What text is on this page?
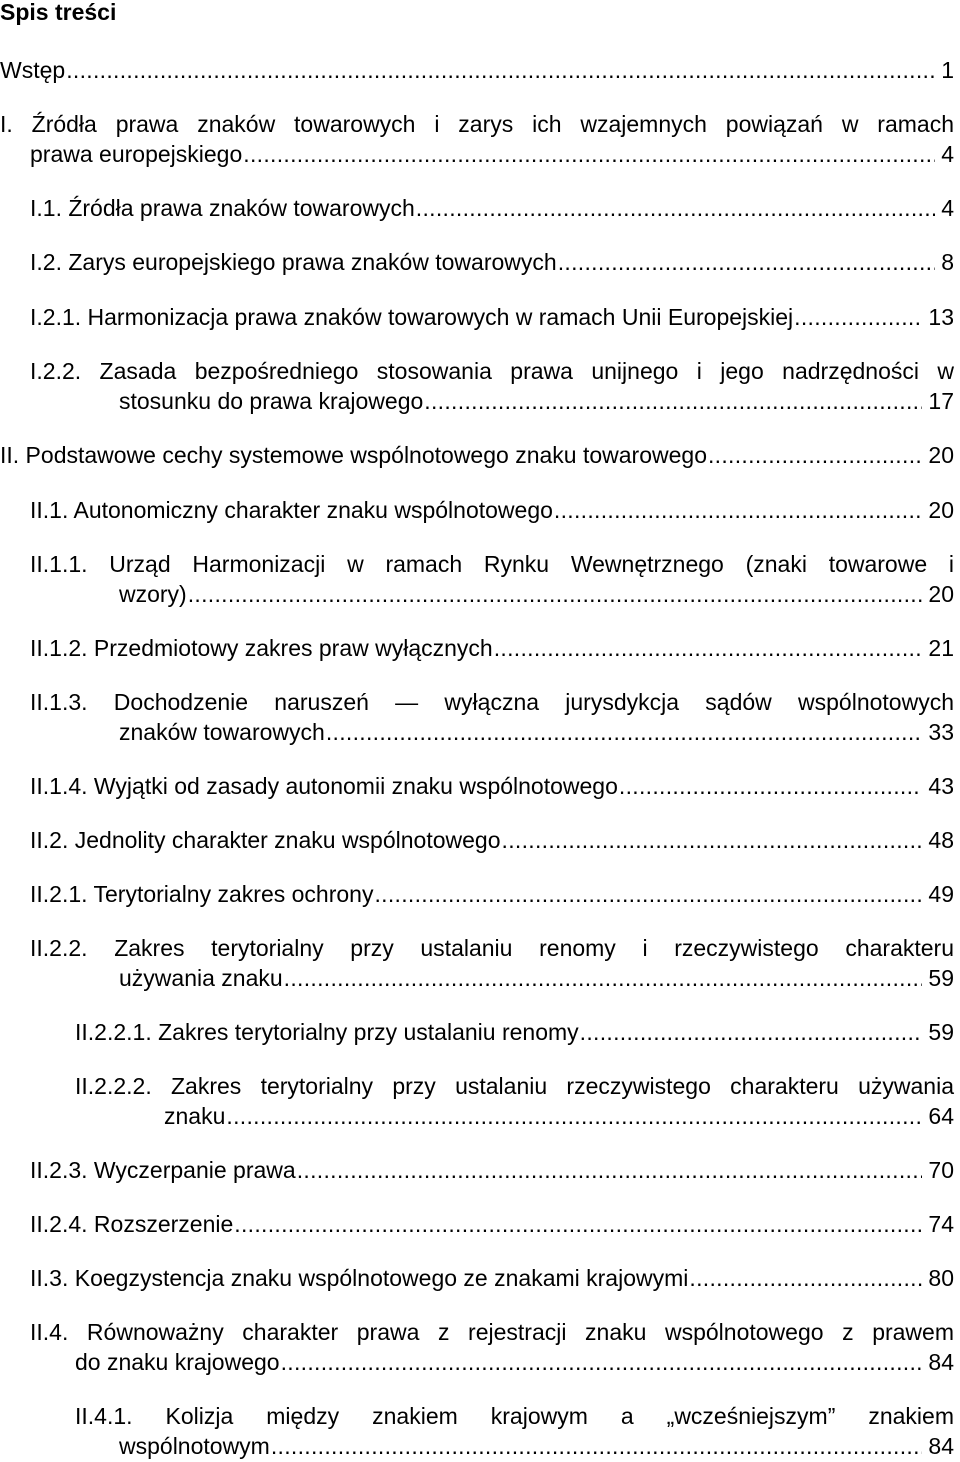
Spis treści
Wstęp .....	1
I. Źródła prawa znaków towarowych i zarys ich wzajemnych powiązań w ramach
prawa europejskiego .....	4
I.1. Źródła prawa znaków towarowych .....	4
I.2. Zarys europejskiego prawa znaków towarowych .....	8
I.2.1. Harmonizacja prawa znaków towarowych w ramach Unii Europejskiej .....	13
I.2.2. Zasada bezpośredniego stosowania prawa unijnego i jego nadrzędności w
stosunku do prawa krajowego .....	17
II. Podstawowe cechy systemowe wspólnotowego znaku towarowego .....	20
II.1. Autonomiczny charakter znaku wspólnotowego .....	20
II.1.1. Urząd Harmonizacji w ramach Rynku Wewnętrznego (znaki towarowe i
wzory) .....	20
II.1.2. Przedmiotowy zakres praw wyłącznych .....	21
II.1.3. Dochodzenie naruszeń — wyłączna jurysdykcja sądów wspólnotowych
znaków towarowych .....	33
II.1.4. Wyjątki od zasady autonomii znaku wspólnotowego .....	43
II.2. Jednolity charakter znaku wspólnotowego .....	48
II.2.1. Terytorialny zakres ochrony .....	49
II.2.2. Zakres terytorialny przy ustalaniu renomy i rzeczywistego charakteru
używania znaku .....	59
II.2.2.1. Zakres terytorialny przy ustalaniu renomy .....	59
II.2.2.2. Zakres terytorialny przy ustalaniu rzeczywistego charakteru używania
znaku .....	64
II.2.3. Wyczerpanie prawa .....	70
II.2.4. Rozszerzenie .....	74
II.3. Koegzystencja znaku wspólnotowego ze znakami krajowymi .....	80
II.4. Równoważny charakter prawa z rejestracji znaku wspólnotowego z prawem
do znaku krajowego .....	84
II.4.1. Kolizja między znakiem krajowym a „wcześniejszym” znakiem
wspólnotowym .....	84
